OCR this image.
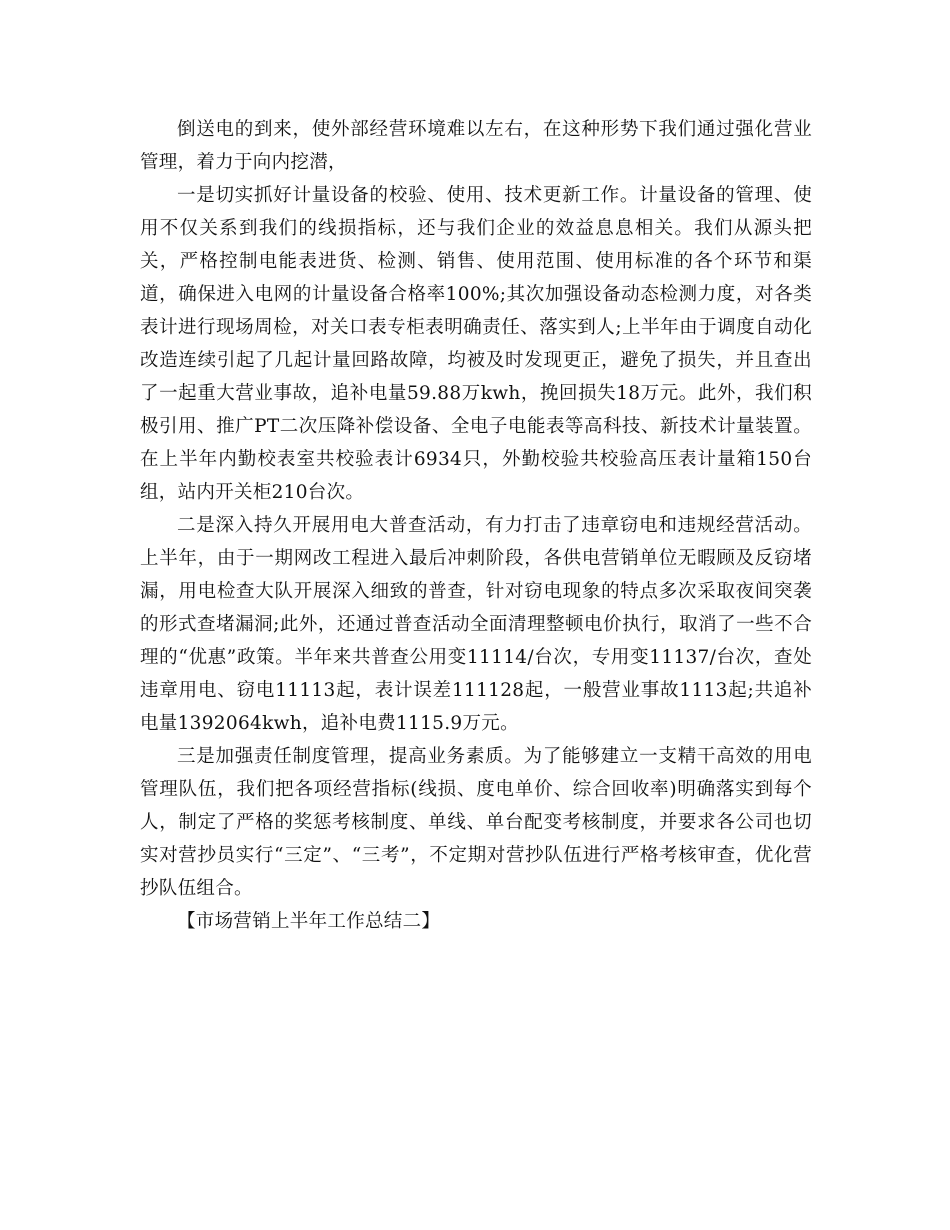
倒送电的到来，使外部经营环境难以左右，在这种形势下我们通过强化营业管理，着力于向内挖潜，

一是切实抓好计量设备的校验、使用、技术更新工作。计量设备的管理、使用不仅关系到我们的线损指标，还与我们企业的效益息息相关。我们从源头把关，严格控制电能表进货、检测、销售、使用范围、使用标准的各个环节和渠道，确保进入电网的计量设备合格率100%;其次加强设备动态检测力度，对各类表计进行现场周检，对关口表专柜表明确责任、落实到人;上半年由于调度自动化改造连续引起了几起计量回路故障，均被及时发现更正，避免了损失，并且查出了一起重大营业事故，追补电量59.88万kwh，挽回损失18万元。此外，我们积极引用、推广PT二次压降补偿设备、全电子电能表等高科技、新技术计量装置。在上半年内勤校表室共校验表计6934只，外勤校验共校验高压表计量箱150台组，站内开关柜210台次。

二是深入持久开展用电大普查活动，有力打击了违章窃电和违规经营活动。上半年，由于一期网改工程进入最后冲刺阶段，各供电营销单位无暇顾及反窃堵漏，用电检查大队开展深入细致的普查，针对窃电现象的特点多次采取夜间突袭的形式查堵漏洞;此外，还通过普查活动全面清理整顿电价执行，取消了一些不合理的“优惠”政策。半年来共普查公用变11114/台次，专用变11137/台次，查处违章用电、窃电11113起，表计误差111128起，一般营业事故1113起;共追补电量1392064kwh，追补电费1115.9万元。

三是加强责任制度管理，提高业务素质。为了能够建立一支精干高效的用电管理队伍，我们把各项经营指标(线损、度电单价、综合回收率)明确落实到每个人，制定了严格的奖惩考核制度、单线、单台配变考核制度，并要求各公司也切实对营抄员实行“三定”、“三考”，不定期对营抄队伍进行严格考核审查，优化营抄队伍组合。

【市场营销上半年工作总结二】
